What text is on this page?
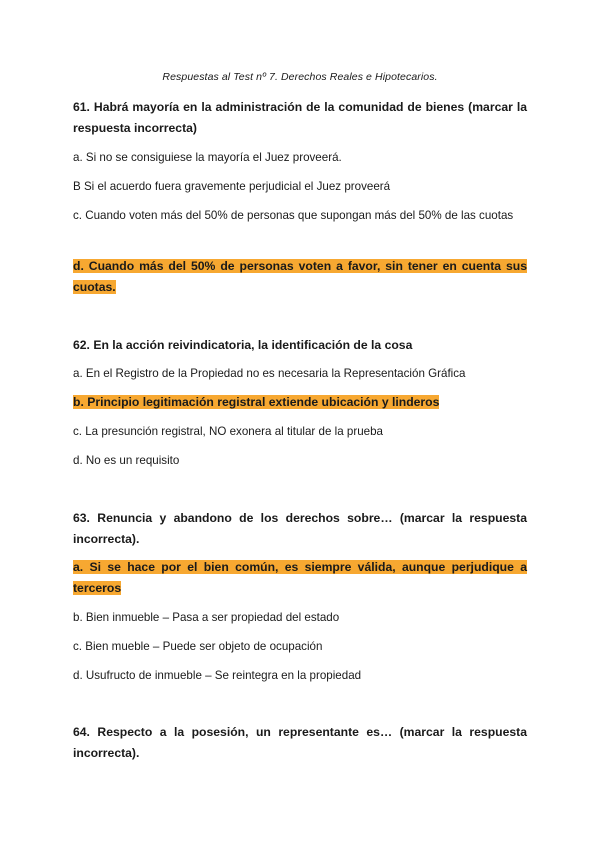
Respuestas al Test nº 7. Derechos Reales e Hipotecarios.
61. Habrá mayoría en la administración de la comunidad de bienes (marcar la respuesta incorrecta)
a. Si no se consiguiese la mayoría el Juez proveerá.
B Si el acuerdo fuera gravemente perjudicial el Juez proveerá
c. Cuando voten más del 50% de personas que supongan más del 50% de las cuotas
d. Cuando más del 50% de personas voten a favor, sin tener en cuenta sus cuotas.
62. En la acción reivindicatoria, la identificación de la cosa
a. En el Registro de la Propiedad no es necesaria la Representación Gráfica
b. Principio legitimación registral extiende ubicación y linderos
c. La presunción registral, NO exonera al titular de la prueba
d. No es un requisito
63. Renuncia y abandono de los derechos sobre… (marcar la respuesta incorrecta).
a. Si se hace por el bien común, es siempre válida, aunque perjudique a terceros
b. Bien inmueble – Pasa a ser propiedad del estado
c. Bien mueble – Puede ser objeto de ocupación
d. Usufructo de inmueble – Se reintegra en la propiedad
64. Respecto a la posesión, un representante es… (marcar la respuesta incorrecta).
